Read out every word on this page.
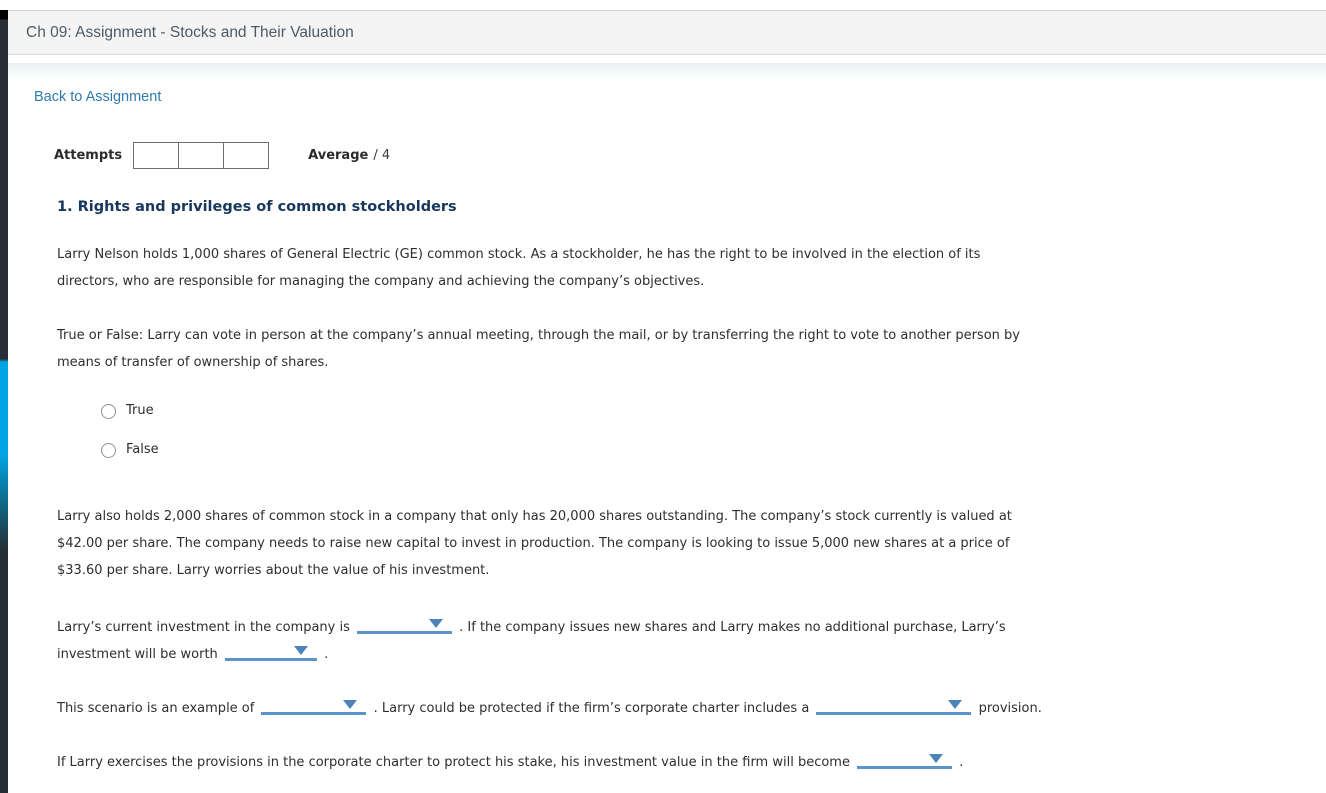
Ch 09: Assignment - Stocks and Their Valuation
Back to Assignment
Attempts	Average / 4
1. Rights and privileges of common stockholders
Larry Nelson holds 1,000 shares of General Electric (GE) common stock. As a stockholder, he has the right to be involved in the election of its
directors, who are responsible for managing the company and achieving the company’s objectives.
True or False: Larry can vote in person at the company’s annual meeting, through the mail, or by transferring the right to vote to another person by
means of transfer of ownership of shares.
True
False
Larry also holds 2,000 shares of common stock in a company that only has 20,000 shares outstanding. The company’s stock currently is valued at
$42.00 per share. The company needs to raise new capital to invest in production. The company is looking to issue 5,000 new shares at a price of
$33.60 per share. Larry worries about the value of his investment.
Larry’s current investment in the company is	. If the company issues new shares and Larry makes no additional purchase, Larry’s
investment will be worth	.
This scenario is an example of	. Larry could be protected if the firm’s corporate charter includes a	provision.
If Larry exercises the provisions in the corporate charter to protect his stake, his investment value in the firm will become	.
